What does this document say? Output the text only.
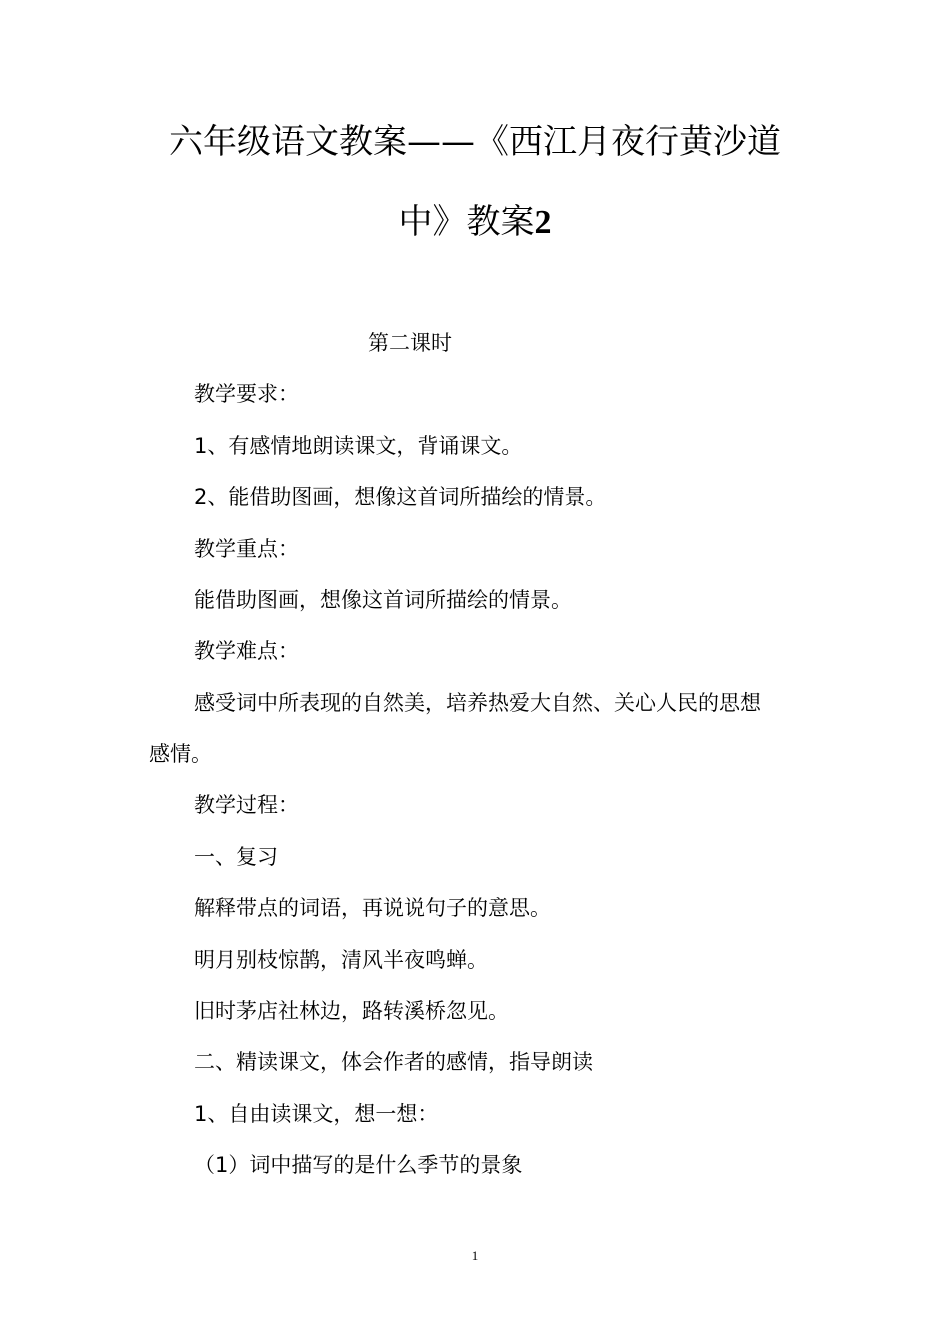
六年级语文教案——《西江月夜行黄沙道
中》教案2
第二课时
教学要求：
1、有感情地朗读课文，背诵课文。
2、能借助图画，想像这首词所描绘的情景。
教学重点：
能借助图画，想像这首词所描绘的情景。
教学难点：
感受词中所表现的自然美，培养热爱大自然、关心人民的思想
感情。
教学过程：
一、复习
解释带点的词语，再说说句子的意思。
明月别枝惊鹊，清风半夜鸣蝉。
旧时茅店社林边，路转溪桥忽见。
二、精读课文，体会作者的感情，指导朗读
1、自由读课文，想一想：
（1）词中描写的是什么季节的景象
1
